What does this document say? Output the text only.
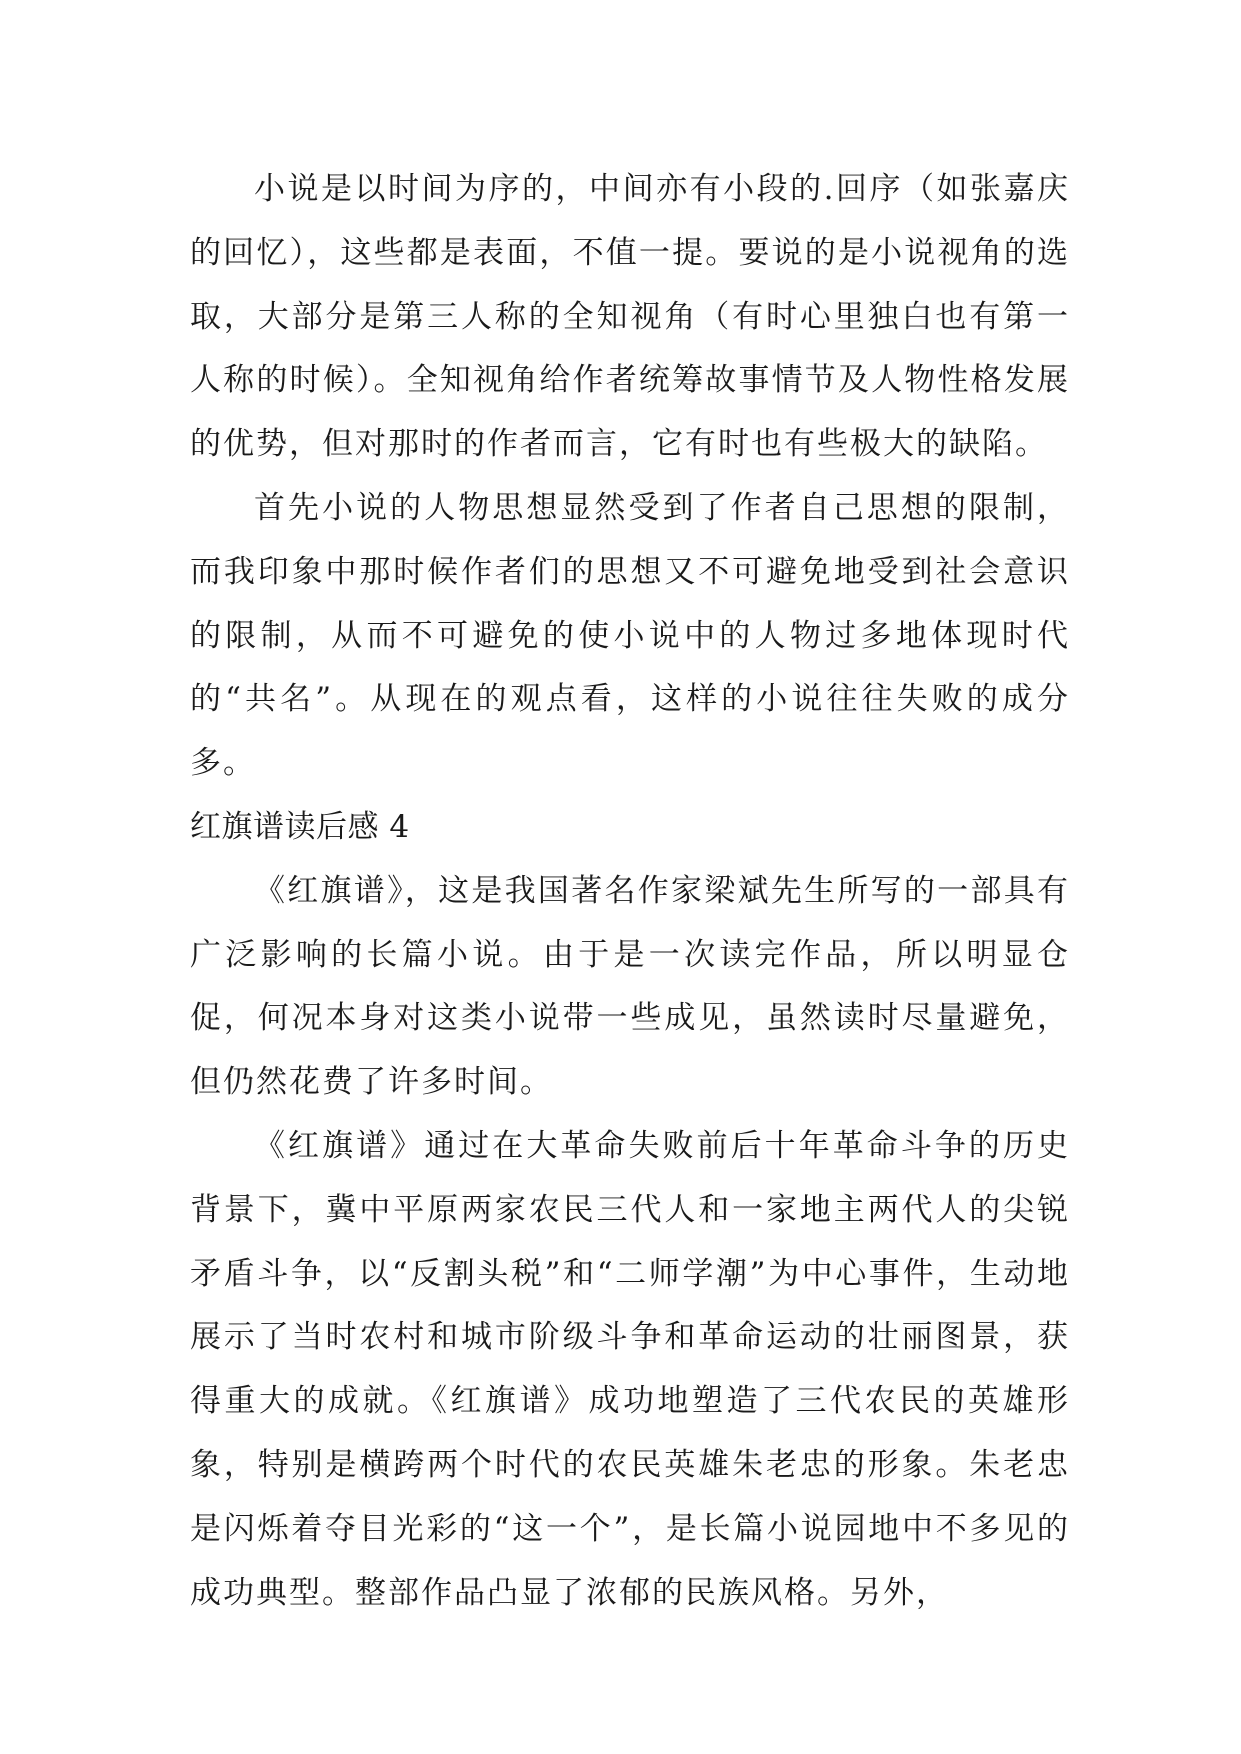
小说是以时间为序的，中间亦有小段的.回序（如张嘉庆的回忆），这些都是表面，不值一提。要说的是小说视角的选取，大部分是第三人称的全知视角（有时心里独白也有第一人称的时候）。全知视角给作者统筹故事情节及人物性格发展的优势，但对那时的作者而言，它有时也有些极大的缺陷。

首先小说的人物思想显然受到了作者自己思想的限制，而我印象中那时候作者们的思想又不可避免地受到社会意识的限制，从而不可避免的使小说中的人物过多地体现时代的“共名”。从现在的观点看，这样的小说往往失败的成分多。

红旗谱读后感 4

《红旗谱》，这是我国著名作家梁斌先生所写的一部具有广泛影响的长篇小说。由于是一次读完作品，所以明显仓促，何况本身对这类小说带一些成见，虽然读时尽量避免，但仍然花费了许多时间。

《红旗谱》通过在大革命失败前后十年革命斗争的历史背景下，冀中平原两家农民三代人和一家地主两代人的尖锐矛盾斗争，以“反割头税”和“二师学潮”为中心事件，生动地展示了当时农村和城市阶级斗争和革命运动的壮丽图景，获得重大的成就。《红旗谱》成功地塑造了三代农民的英雄形象，特别是横跨两个时代的农民英雄朱老忠的形象。朱老忠是闪烁着夺目光彩的“这一个”，是长篇小说园地中不多见的成功典型。整部作品凸显了浓郁的民族风格。另外，
